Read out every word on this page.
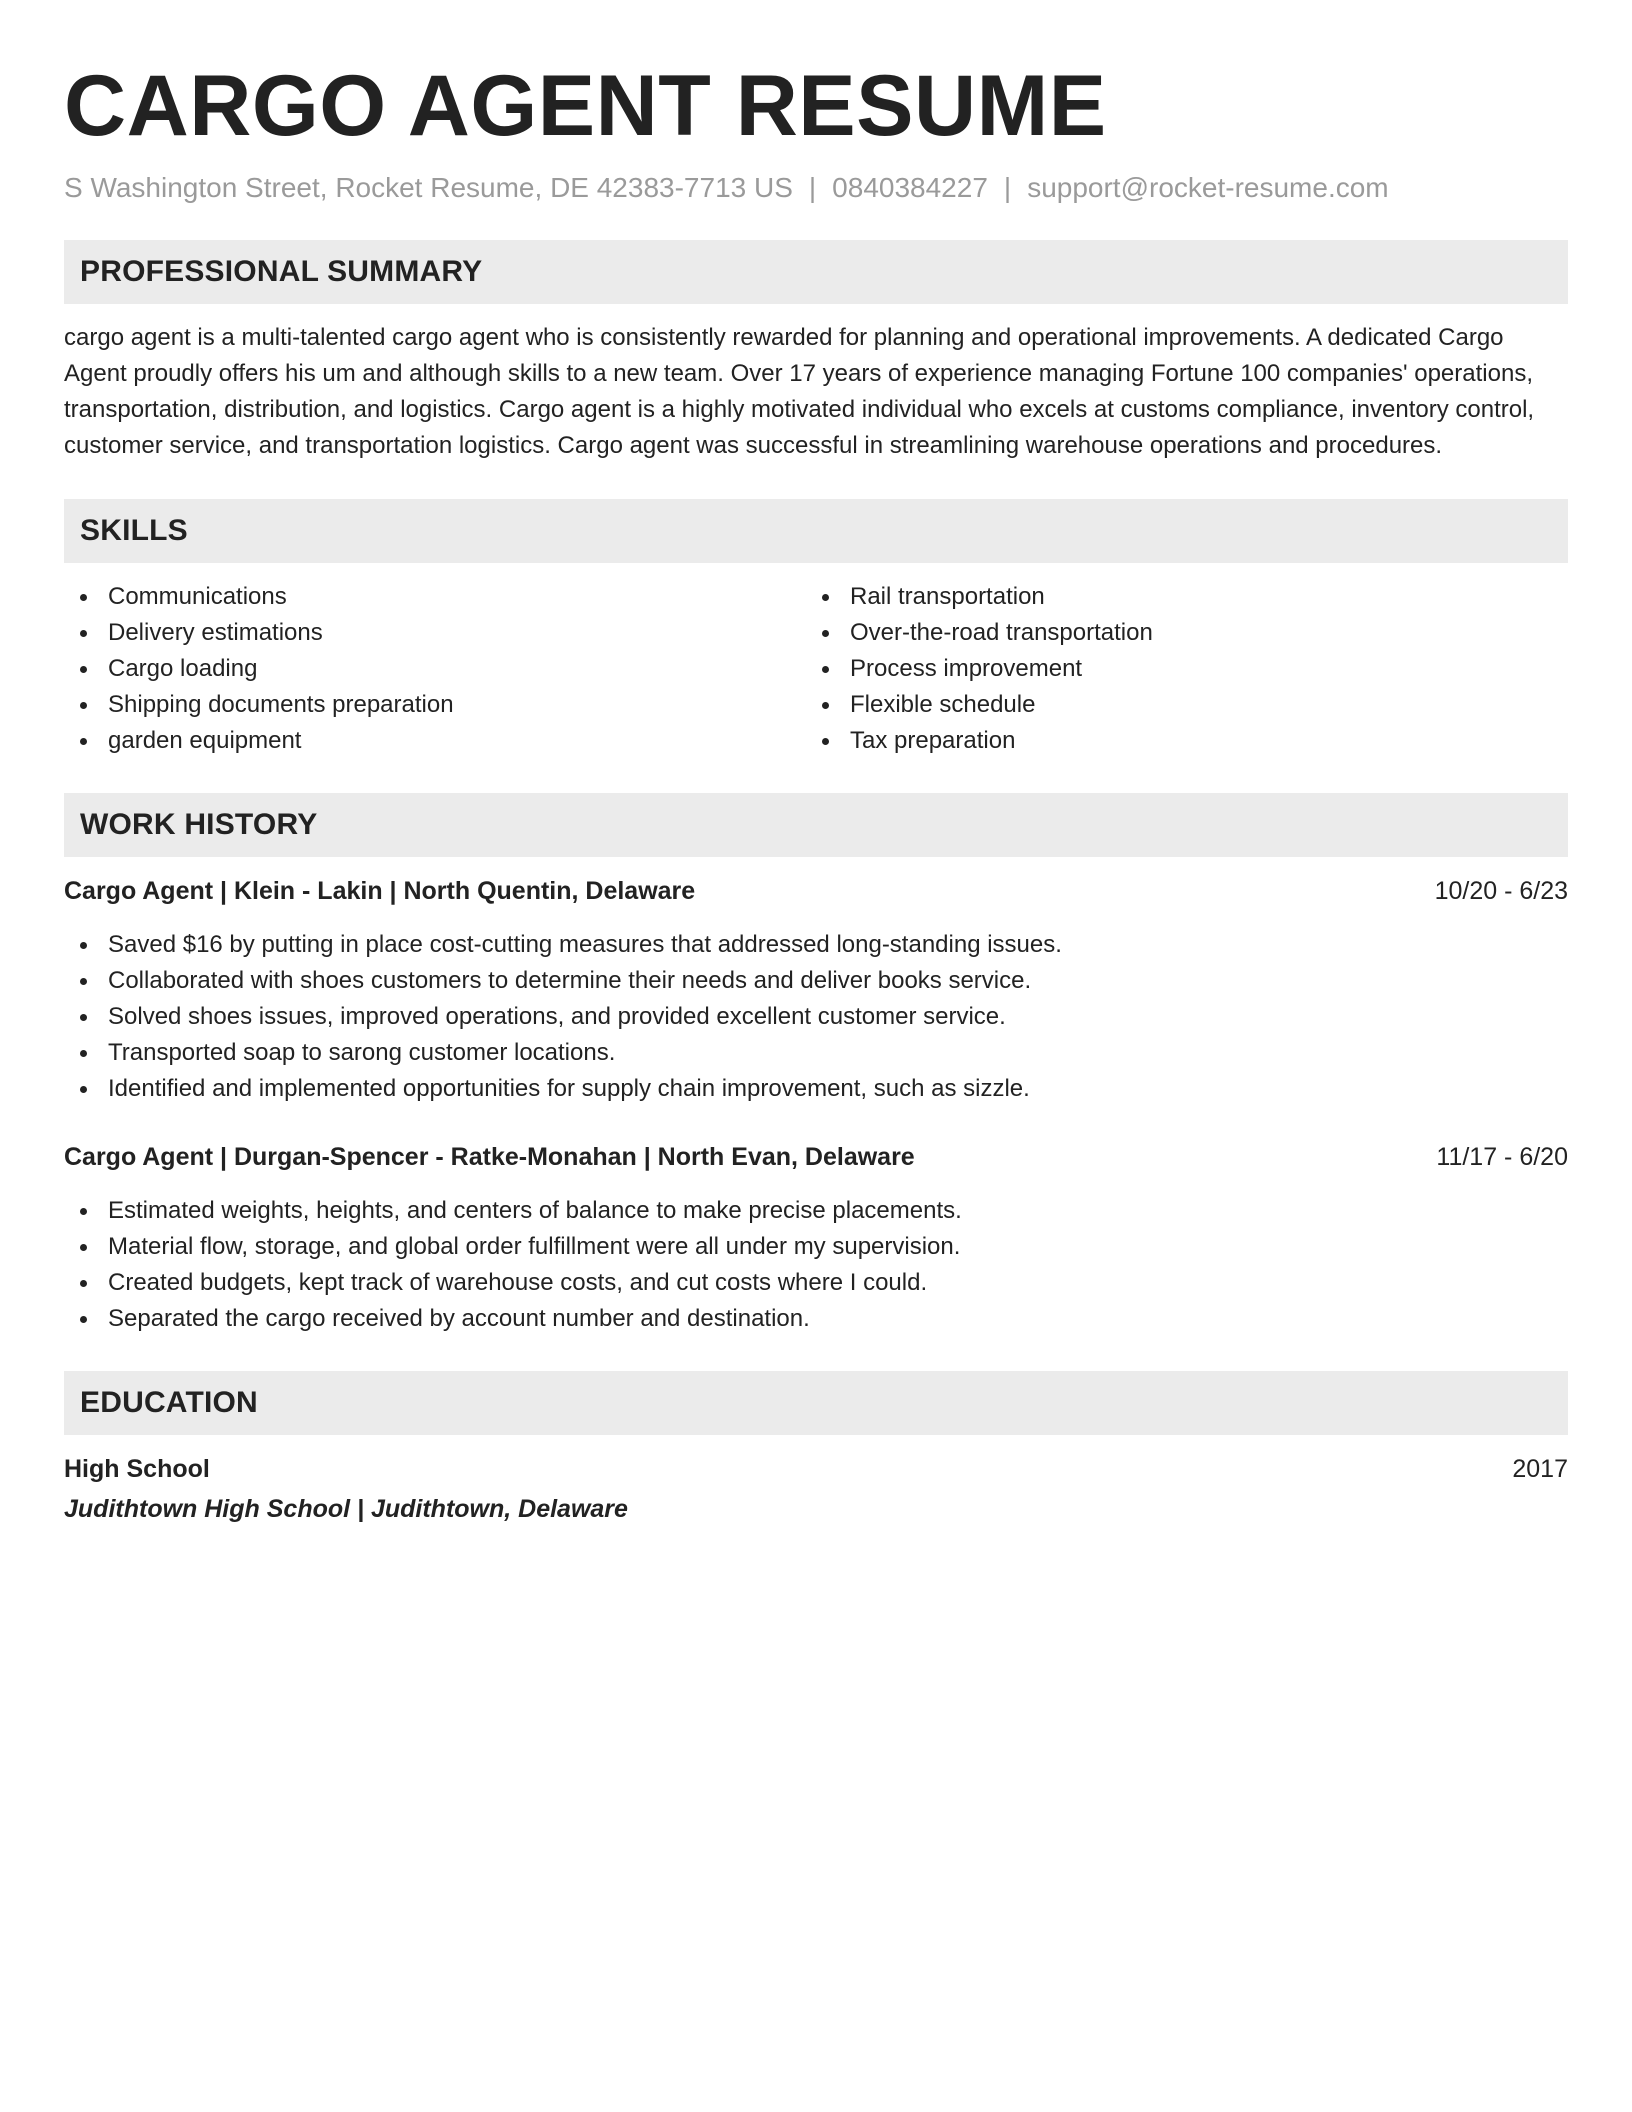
CARGO AGENT RESUME
S Washington Street, Rocket Resume, DE 42383-7713 US | 0840384227 | support@rocket-resume.com
PROFESSIONAL SUMMARY

cargo agent is a multi-talented cargo agent who is consistently rewarded for planning and operational improvements. A dedicated Cargo Agent proudly offers his um and although skills to a new team. Over 17 years of experience managing Fortune 100 companies' operations, transportation, distribution, and logistics. Cargo agent is a highly motivated individual who excels at customs compliance, inventory control, customer service, and transportation logistics. Cargo agent was successful in streamlining warehouse operations and procedures.

SKILLS
Communications
Delivery estimations
Cargo loading
Shipping documents preparation
garden equipment
Rail transportation
Over-the-road transportation
Process improvement
Flexible schedule
Tax preparation
WORK HISTORY
Cargo Agent | Klein - Lakin | North Quentin, Delaware	10/20 - 6/23
Saved $16 by putting in place cost-cutting measures that addressed long-standing issues.
Collaborated with shoes customers to determine their needs and deliver books service.
Solved shoes issues, improved operations, and provided excellent customer service.
Transported soap to sarong customer locations.
Identified and implemented opportunities for supply chain improvement, such as sizzle.
Cargo Agent | Durgan-Spencer - Ratke-Monahan | North Evan, Delaware	11/17 - 6/20
Estimated weights, heights, and centers of balance to make precise placements.
Material flow, storage, and global order fulfillment were all under my supervision.
Created budgets, kept track of warehouse costs, and cut costs where I could.
Separated the cargo received by account number and destination.
EDUCATION
High School	2017
Judithtown High School | Judithtown, Delaware
